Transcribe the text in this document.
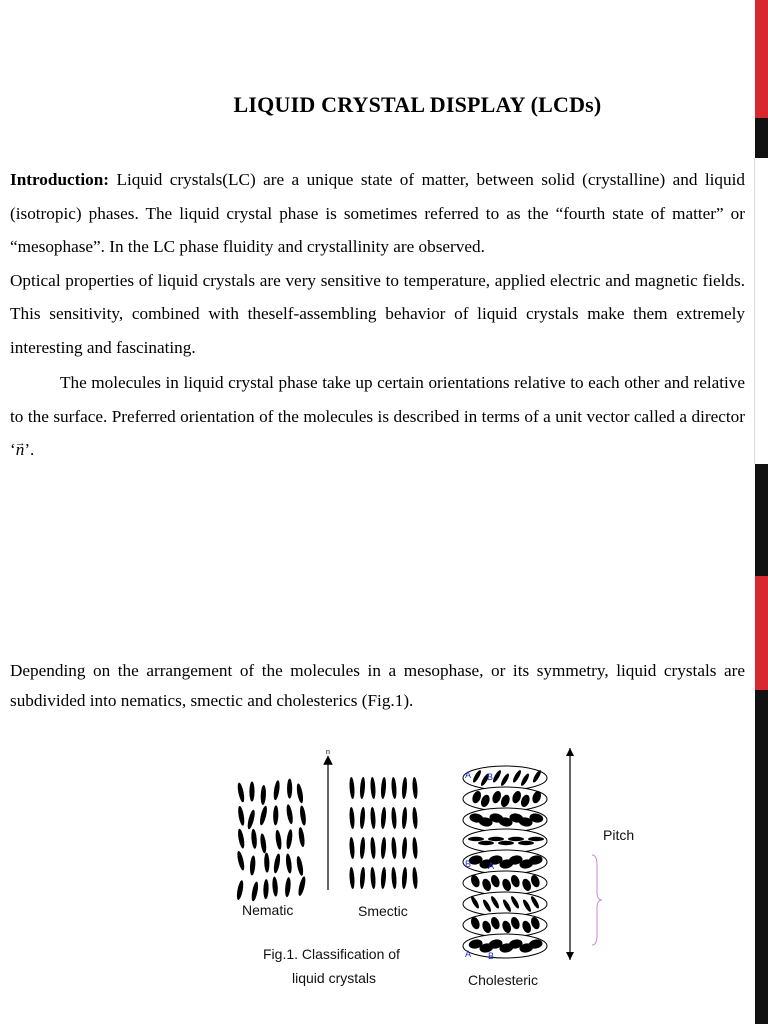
LIQUID CRYSTAL DISPLAY (LCDs)
Introduction: Liquid crystals(LC) are a unique state of matter, between solid (crystalline) and liquid (isotropic) phases. The liquid crystal phase is sometimes referred to as the “fourth state of matter” or “mesophase”. In the LC phase fluidity and crystallinity are observed.
Optical properties of liquid crystals are very sensitive to temperature, applied electric and magnetic fields. This sensitivity, combined with theself-assembling behavior of liquid crystals make them extremely interesting and fascinating.
The molecules in liquid crystal phase take up certain orientations relative to each other and relative to the surface. Preferred orientation of the molecules is described in terms of a unit vector called a director ‘→ n’.
Depending on the arrangement of the molecules in a mesophase, or its symmetry, liquid crystals are subdivided into nematics, smectic and cholesterics (Fig.1).
n
Nematic	Smectic
Pitch
Fig.1. Classification of
liquid crystals	Cholesteric
A B
B A
A B
